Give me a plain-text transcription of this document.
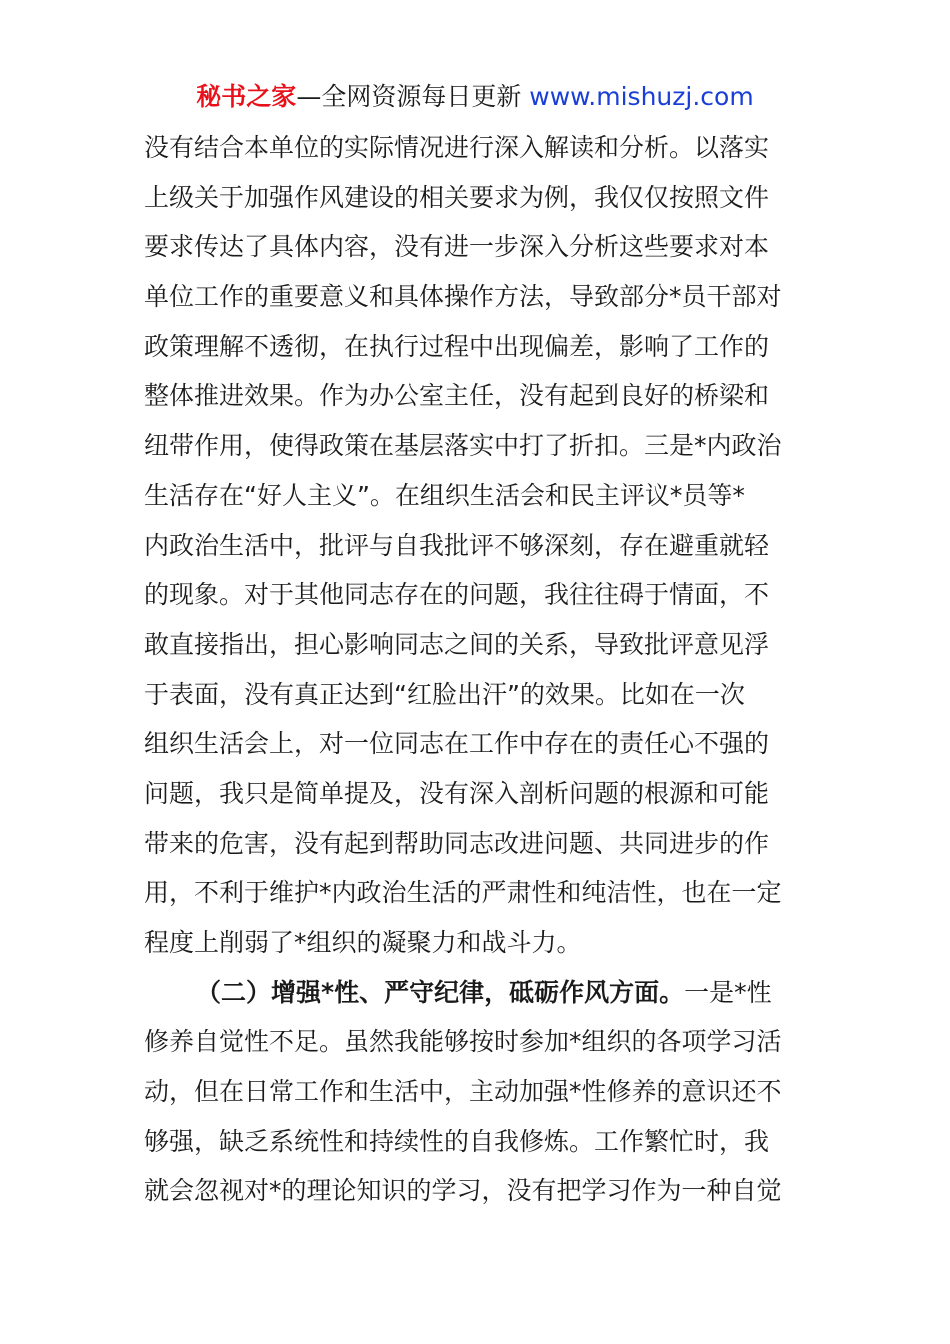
秘书之家—全网资源每日更新 www.mishuzj.com
没有结合本单位的实际情况进行深入解读和分析。以落实
上级关于加强作风建设的相关要求为例，我仅仅按照文件
要求传达了具体内容，没有进一步深入分析这些要求对本
单位工作的重要意义和具体操作方法，导致部分*员干部对
政策理解不透彻，在执行过程中出现偏差，影响了工作的
整体推进效果。作为办公室主任，没有起到良好的桥梁和
纽带作用，使得政策在基层落实中打了折扣。三是*内政治
生活存在“好人主义”。在组织生活会和民主评议*员等*
内政治生活中，批评与自我批评不够深刻，存在避重就轻
的现象。对于其他同志存在的问题，我往往碍于情面，不
敢直接指出，担心影响同志之间的关系，导致批评意见浮
于表面，没有真正达到“红脸出汗”的效果。比如在一次
组织生活会上，对一位同志在工作中存在的责任心不强的
问题，我只是简单提及，没有深入剖析问题的根源和可能
带来的危害，没有起到帮助同志改进问题、共同进步的作
用，不利于维护*内政治生活的严肃性和纯洁性，也在一定
程度上削弱了*组织的凝聚力和战斗力。
（二）增强*性、严守纪律，砥砺作风方面。一是*性
修养自觉性不足。虽然我能够按时参加*组织的各项学习活
动，但在日常工作和生活中，主动加强*性修养的意识还不
够强，缺乏系统性和持续性的自我修炼。工作繁忙时，我
就会忽视对*的理论知识的学习，没有把学习作为一种自觉
